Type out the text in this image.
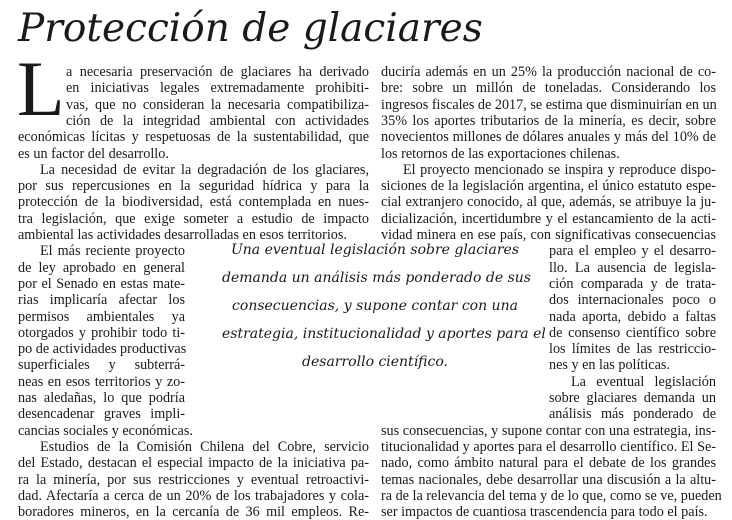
Protección de glaciares
L a necesaria preservación de glaciares ha derivado

en iniciativas legales extremadamente prohibiti-

vas, que no consideran la necesaria compatibiliza-

ción de la integridad ambiental con actividades

económicas lícitas y respetuosas de la sustentabilidad, que

es un factor del desarrollo.

La necesidad de evitar la degradación de los glaciares,

por sus repercusiones en la seguridad hídrica y para la

protección de la biodiversidad, está contemplada en nues-

tra legislación, que exige someter a estudio de impacto

ambiental las actividades desarrolladas en esos territorios.

El más reciente proyecto

de ley aprobado en general

por el Senado en estas mate-

rias implicaría afectar los

permisos ambientales ya

otorgados y prohibir todo ti-

po de actividades productivas

superficiales y subterrá-

neas en esos territorios y zo-

nas aledañas, lo que podría

desencadenar graves impli-

cancias sociales y económicas.

Estudios de la Comisión Chilena del Cobre, servicio

del Estado, destacan el especial impacto de la iniciativa pa-

ra la minería, por sus restricciones y eventual retroactivi-

dad. Afectaría a cerca de un 20% de los trabajadores y cola-

boradores mineros, en la cercanía de 36 mil empleos. Re-

duciría además en un 25% la producción nacional de co-

bre: sobre un millón de toneladas. Considerando los

ingresos fiscales de 2017, se estima que disminuirían en un

35% los aportes tributarios de la minería, es decir, sobre

novecientos millones de dólares anuales y más del 10% de

los retornos de las exportaciones chilenas.

El proyecto mencionado se inspira y reproduce dispo-

siciones de la legislación argentina, el único estatuto espe-

cial extranjero conocido, al que, además, se atribuye la ju-

dicialización, incertidumbre y el estancamiento de la acti-

vidad minera en ese país, con significativas consecuencias

para el empleo y el desarro-

llo. La ausencia de legisla-

ción comparada y de trata-

dos internacionales poco o

nada aporta, debido a faltas

de consenso científico sobre

los límites de las restriccio-

nes y en las políticas.

La eventual legislación

sobre glaciares demanda un

análisis más ponderado de

sus consecuencias, y supone contar con una estrategia, ins-

titucionalidad y aportes para el desarrollo científico. El Se-

nado, como ámbito natural para el debate de los grandes

temas nacionales, debe desarrollar una discusión a la altu-

ra de la relevancia del tema y de lo que, como se ve, pueden

ser impactos de cuantiosa trascendencia para todo el país.

Una eventual legislación sobre glaciares

demanda un análisis más ponderado de sus

consecuencias, y supone contar con una

estrategia, institucionalidad y aportes para el

desarrollo científico.
